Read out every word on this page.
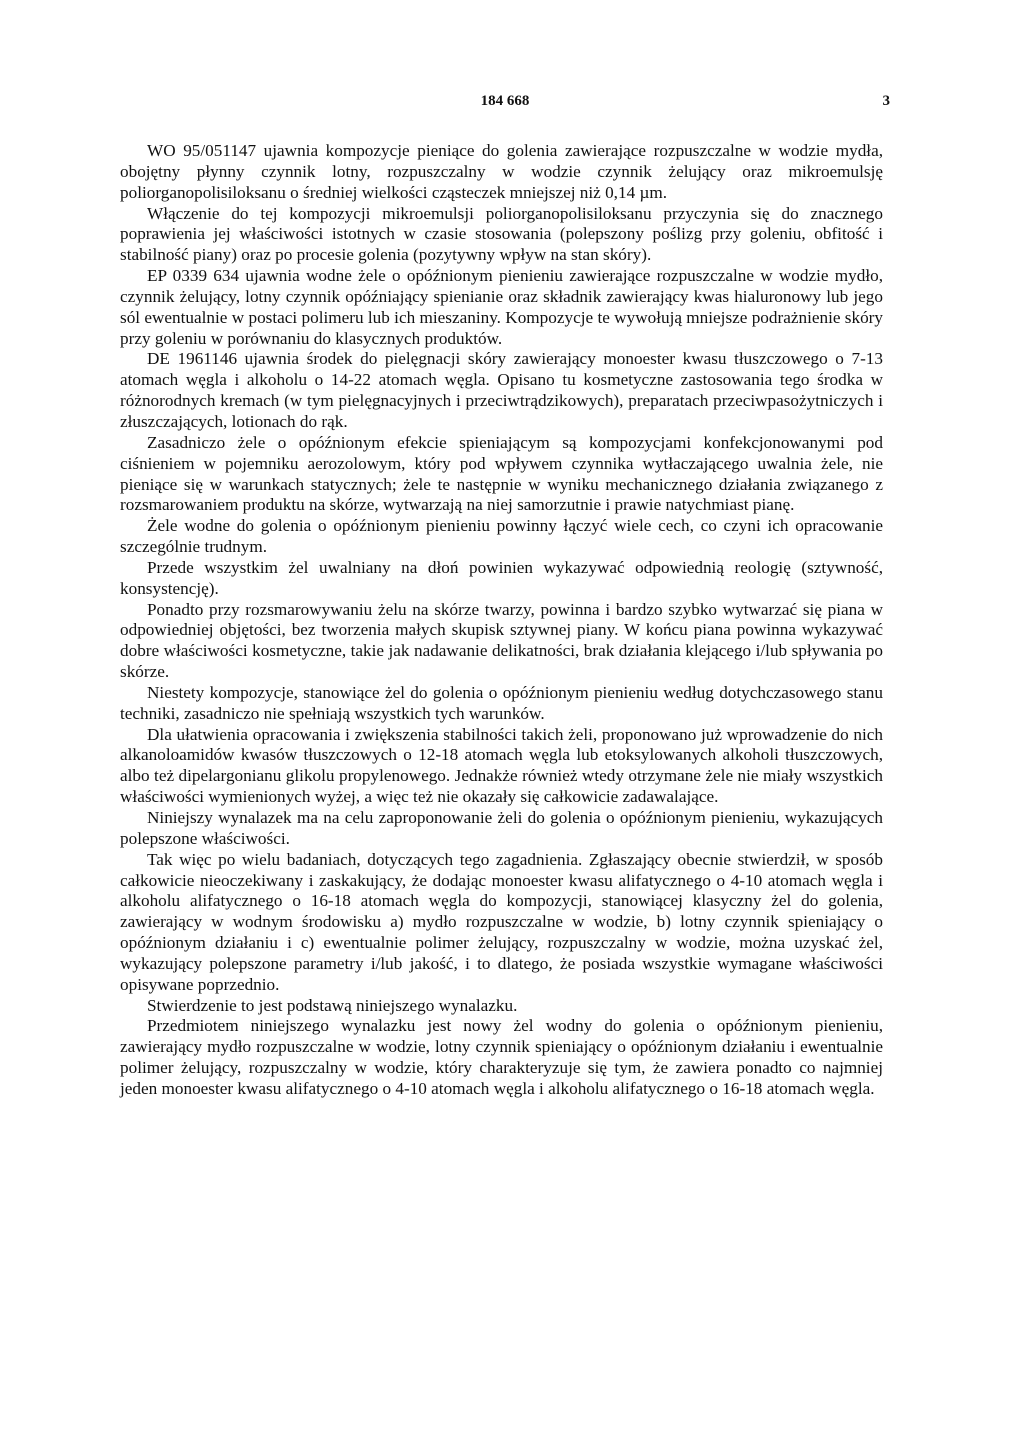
184 668	3

WO 95/051147 ujawnia kompozycje pieniące do golenia zawierające rozpuszczalne w wodzie mydła, obojętny płynny czynnik lotny, rozpuszczalny w wodzie czynnik żelujący oraz mikroemulsję poliorganopolisiloksanu o średniej wielkości cząsteczek mniejszej niż 0,14 µm.

Włączenie do tej kompozycji mikroemulsji poliorganopolisiloksanu przyczynia się do znacznego poprawienia jej właściwości istotnych w czasie stosowania (polepszony poślizg przy goleniu, obfitość i stabilność piany) oraz po procesie golenia (pozytywny wpływ na stan skóry).

EP 0339 634 ujawnia wodne żele o opóźnionym pienieniu zawierające rozpuszczalne w wodzie mydło, czynnik żelujący, lotny czynnik opóźniający spienianie oraz składnik zawierający kwas hialuronowy lub jego sól ewentualnie w postaci polimeru lub ich mieszaniny. Kompozycje te wywołują mniejsze podrażnienie skóry przy goleniu w porównaniu do klasycznych produktów.

DE 1961146 ujawnia środek do pielęgnacji skóry zawierający monoester kwasu tłuszczowego o 7-13 atomach węgla i alkoholu o 14-22 atomach węgla. Opisano tu kosmetyczne zastosowania tego środka w różnorodnych kremach (w tym pielęgnacyjnych i przeciwtrądzikowych), preparatach przeciwpasożytniczych i złuszczających, lotionach do rąk.

Zasadniczo żele o opóźnionym efekcie spieniającym są kompozycjami konfekcjonowanymi pod ciśnieniem w pojemniku aerozolowym, który pod wpływem czynnika wytłaczającego uwalnia żele, nie pieniące się w warunkach statycznych; żele te następnie w wyniku mechanicznego działania związanego z rozsmarowaniem produktu na skórze, wytwarzają na niej samorzutnie i prawie natychmiast pianę.

Żele wodne do golenia o opóźnionym pienieniu powinny łączyć wiele cech, co czyni ich opracowanie szczególnie trudnym.

Przede wszystkim żel uwalniany na dłoń powinien wykazywać odpowiednią reologię (sztywność, konsystencję).

Ponadto przy rozsmarowywaniu żelu na skórze twarzy, powinna i bardzo szybko wytwarzać się piana w odpowiedniej objętości, bez tworzenia małych skupisk sztywnej piany. W końcu piana powinna wykazywać dobre właściwości kosmetyczne, takie jak nadawanie delikatności, brak działania klejącego i/lub spływania po skórze.

Niestety kompozycje, stanowiące żel do golenia o opóźnionym pienieniu według dotychczasowego stanu techniki, zasadniczo nie spełniają wszystkich tych warunków.

Dla ułatwienia opracowania i zwiększenia stabilności takich żeli, proponowano już wprowadzenie do nich alkanoloamidów kwasów tłuszczowych o 12-18 atomach węgla lub etoksylowanych alkoholi tłuszczowych, albo też dipelargonianu glikolu propylenowego. Jednakże również wtedy otrzymane żele nie miały wszystkich właściwości wymienionych wyżej, a więc też nie okazały się całkowicie zadawalające.

Niniejszy wynalazek ma na celu zaproponowanie żeli do golenia o opóźnionym pienieniu, wykazujących polepszone właściwości.

Tak więc po wielu badaniach, dotyczących tego zagadnienia. Zgłaszający obecnie stwierdził, w sposób całkowicie nieoczekiwany i zaskakujący, że dodając monoester kwasu alifatycznego o 4-10 atomach węgla i alkoholu alifatycznego o 16-18 atomach węgla do kompozycji, stanowiącej klasyczny żel do golenia, zawierający w wodnym środowisku a) mydło rozpuszczalne w wodzie, b) lotny czynnik spieniający o opóźnionym działaniu i c) ewentualnie polimer żelujący, rozpuszczalny w wodzie, można uzyskać żel, wykazujący polepszone parametry i/lub jakość, i to dlatego, że posiada wszystkie wymagane właściwości opisywane poprzednio.

Stwierdzenie to jest podstawą niniejszego wynalazku.

Przedmiotem niniejszego wynalazku jest nowy żel wodny do golenia o opóźnionym pienieniu, zawierający mydło rozpuszczalne w wodzie, lotny czynnik spieniający o opóźnionym działaniu i ewentualnie polimer żelujący, rozpuszczalny w wodzie, który charakteryzuje się tym, że zawiera ponadto co najmniej jeden monoester kwasu alifatycznego o 4-10 atomach węgla i alkoholu alifatycznego o 16-18 atomach węgla.
